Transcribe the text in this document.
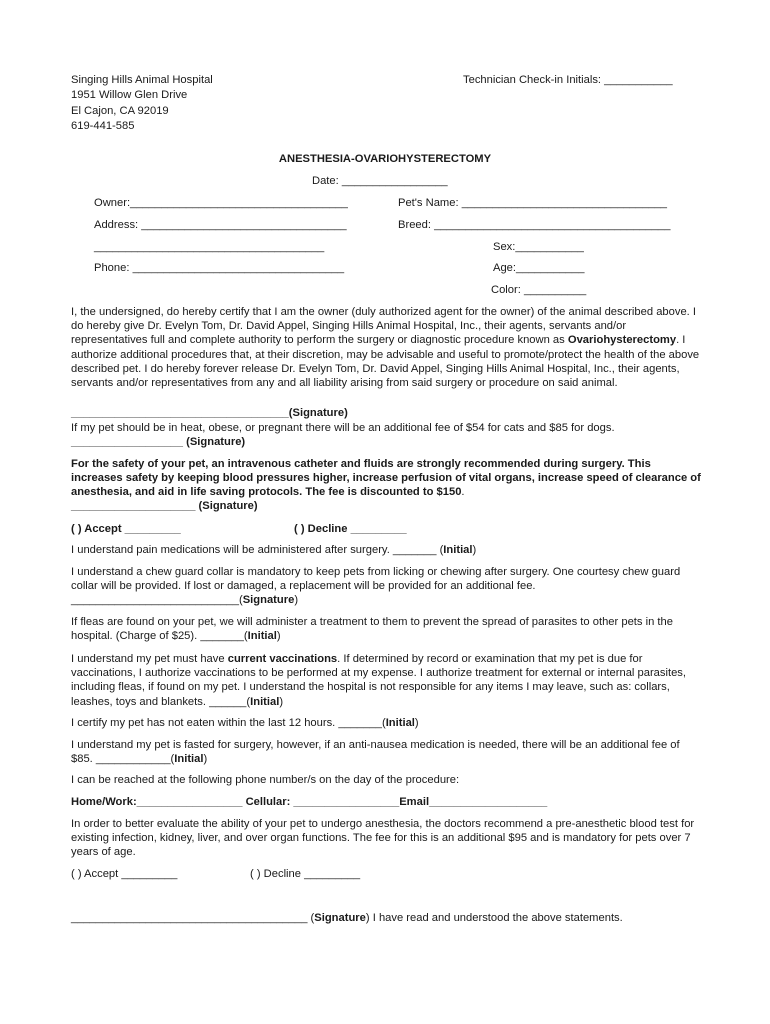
Singing Hills Animal Hospital
1951 Willow Glen Drive
El Cajon, CA 92019
619-441-585
Technician Check-in Initials: ___________
ANESTHESIA-OVARIOHYSTERECTOMY
Date: _________________
Owner:___________________________________
Address: _________________________________
_____________________________________
Phone: __________________________________
Pet's Name: _________________________________
Breed: ______________________________________
Sex:___________
Age:___________
Color: __________
I, the undersigned, do hereby certify that I am the owner (duly authorized agent for the owner) of the animal described above. I do hereby give Dr. Evelyn Tom, Dr. David Appel, Singing Hills Animal Hospital, Inc., their agents, servants and/or representatives full and complete authority to perform the surgery or diagnostic procedure known as Ovariohysterectomy. I authorize additional procedures that, at their discretion, may be advisable and useful to promote/protect the health of the above described pet. I do hereby forever release Dr. Evelyn Tom, Dr. David Appel, Singing Hills Animal Hospital, Inc., their agents, servants and/or representatives from any and all liability arising from said surgery or procedure on said animal.
___________________________________(Signature)
If my pet should be in heat, obese, or pregnant there will be an additional fee of $54 for cats and $85 for dogs.
__________________ (Signature)
For the safety of your pet, an intravenous catheter and fluids are strongly recommended during surgery. This increases safety by keeping blood pressures higher, increase perfusion of vital organs, increase speed of clearance of anesthesia, and aid in life saving protocols. The fee is discounted to $150.
____________________ (Signature)
( ) Accept _________	( ) Decline _________
I understand pain medications will be administered after surgery. _______ (Initial)
I understand a chew guard collar is mandatory to keep pets from licking or chewing after surgery. One courtesy chew guard collar will be provided. If lost or damaged, a replacement will be provided for an additional fee. ___________________________(Signature)
If fleas are found on your pet, we will administer a treatment to them to prevent the spread of parasites to other pets in the hospital. (Charge of $25). _______(Initial)
I understand my pet must have current vaccinations. If determined by record or examination that my pet is due for vaccinations, I authorize vaccinations to be performed at my expense. I authorize treatment for external or internal parasites, including fleas, if found on my pet. I understand the hospital is not responsible for any items I may leave, such as: collars, leashes, toys and blankets. ______(Initial)
I certify my pet has not eaten within the last 12 hours. _______(Initial)
I understand my pet is fasted for surgery, however, if an anti-nausea medication is needed, there will be an additional fee of $85. ____________(Initial)
I can be reached at the following phone number/s on the day of the procedure:
Home/Work:_________________ Cellular: _________________Email___________________
In order to better evaluate the ability of your pet to undergo anesthesia, the doctors recommend a pre-anesthetic blood test for existing infection, kidney, liver, and over organ functions. The fee for this is an additional $95 and is mandatory for pets over 7 years of age.
( ) Accept _________	( ) Decline _________
______________________________________ (Signature) I have read and understood the above statements.
